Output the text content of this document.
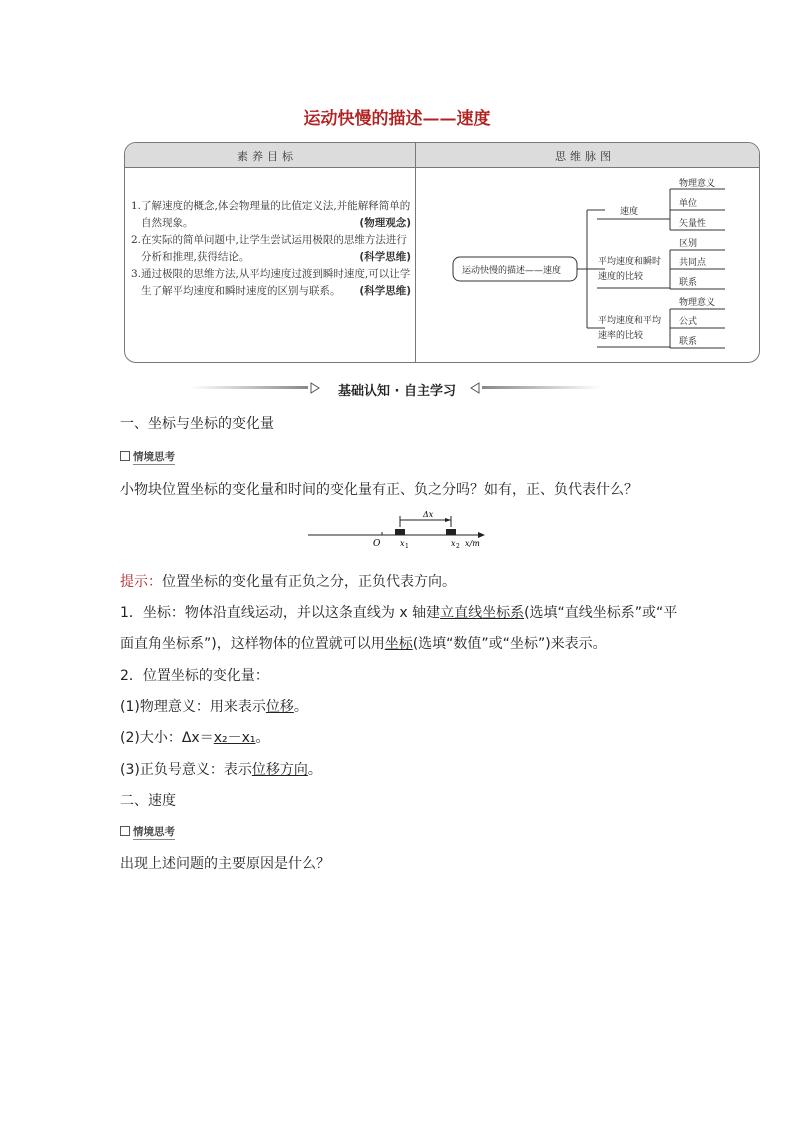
运动快慢的描述——速度
素养目标	思维脉图

1.了解速度的概念,体会物理量的比值定义法,并能解释简单的自然现象。	(物理观念)

2.在实际的简单问题中,让学生尝试运用极限的思维方法进行分析和推理,获得结论。	(科学思维)

3.通过极限的思维方法,从平均速度过渡到瞬时速度,可以让学生了解平均速度和瞬时速度的区别与联系。 (科学思维)

运动快慢的描述——速度
速度
平均速度和瞬时
速度的比较
平均速度和平均
速率的比较
物理意义
单位
矢量性
区别
共同点
联系
物理意义
公式
联系
基础认知 · 自主学习
一、坐标与坐标的变化量
情境思考
小物块位置坐标的变化量和时间的变化量有正、负之分吗？如有，正、负代表什么？
Δx
O x 1	x 2 x/m
提示：位置坐标的变化量有正负之分，正负代表方向。
1．坐标：物体沿直线运动，并以这条直线为 x 轴建立直线坐标系(选填“直线坐标系”或“平
面直角坐标系”)，这样物体的位置就可以用坐标(选填“数值”或“坐标”)来表示。
2．位置坐标的变化量：
(1)物理意义：用来表示位移。
(2)大小：Δx＝x₂－x₁。
(3)正负号意义：表示位移方向。
二、速度
情境思考
出现上述问题的主要原因是什么？
